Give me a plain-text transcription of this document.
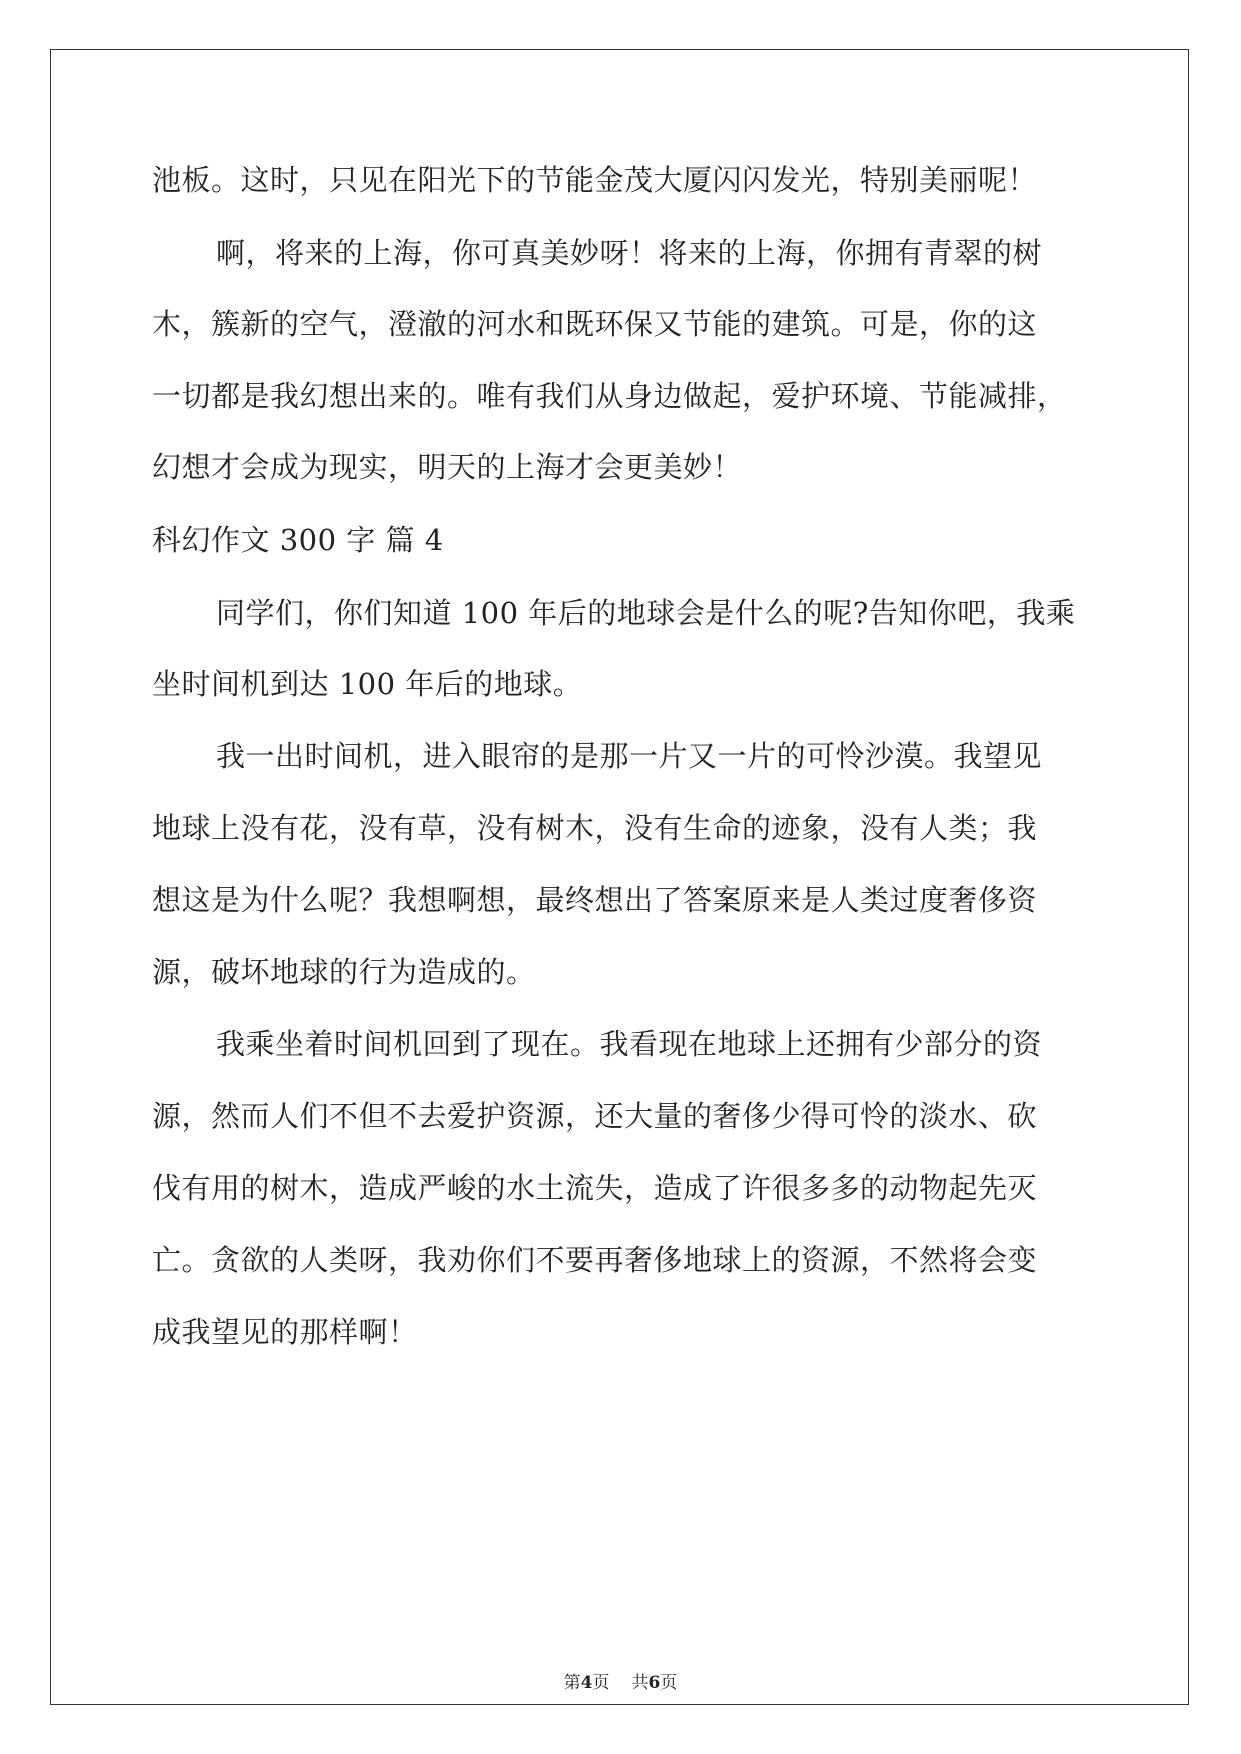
池板。这时，只见在阳光下的节能金茂大厦闪闪发光，特别美丽呢！
啊，将来的上海，你可真美妙呀！将来的上海，你拥有青翠的树
木，簇新的空气，澄澈的河水和既环保又节能的建筑。可是，你的这
一切都是我幻想出来的。唯有我们从身边做起，爱护环境、节能减排，
幻想才会成为现实，明天的上海才会更美妙！
科幻作文 300 字 篇 4
同学们，你们知道 100 年后的地球会是什么的呢?告知你吧，我乘
坐时间机到达 100 年后的地球。
我一出时间机，进入眼帘的是那一片又一片的可怜沙漠。我望见
地球上没有花，没有草，没有树木，没有生命的迹象，没有人类；我
想这是为什么呢？我想啊想，最终想出了答案原来是人类过度奢侈资
源，破坏地球的行为造成的。
我乘坐着时间机回到了现在。我看现在地球上还拥有少部分的资
源，然而人们不但不去爱护资源，还大量的奢侈少得可怜的淡水、砍
伐有用的树木，造成严峻的水土流失，造成了许很多多的动物起先灭
亡。贪欲的人类呀，我劝你们不要再奢侈地球上的资源，不然将会变
成我望见的那样啊！
第4页 共6页
